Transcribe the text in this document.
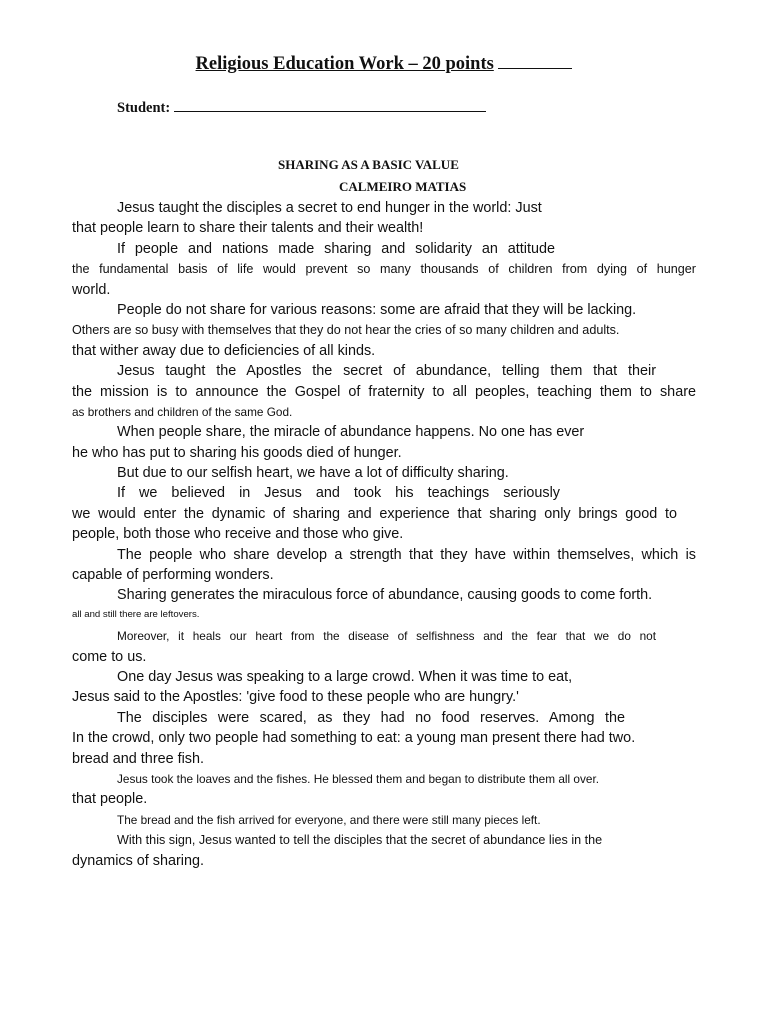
Religious Education Work – 20 points
Student:
SHARING AS A BASIC VALUE
CALMEIRO MATIAS
Jesus taught the disciples a secret to end hunger in the world: Just
that people learn to share their talents and their wealth!
If people and nations made sharing and solidarity an attitude
the fundamental basis of life would prevent so many thousands of children from dying of hunger
world.
People do not share for various reasons: some are afraid that they will be lacking.
Others are so busy with themselves that they do not hear the cries of so many children and adults.
that wither away due to deficiencies of all kinds.
Jesus taught the Apostles the secret of abundance, telling them that their
the mission is to announce the Gospel of fraternity to all peoples, teaching them to share
as brothers and children of the same God.
When people share, the miracle of abundance happens. No one has ever
he who has put to sharing his goods died of hunger.
But due to our selfish heart, we have a lot of difficulty sharing.
If we believed in Jesus and took his teachings seriously
we would enter the dynamic of sharing and experience that sharing only brings good to
people, both those who receive and those who give.
The people who share develop a strength that they have within themselves, which is
capable of performing wonders.
Sharing generates the miraculous force of abundance, causing goods to come forth.
all and still there are leftovers.
Moreover, it heals our heart from the disease of selfishness and the fear that we do not
come to us.
One day Jesus was speaking to a large crowd. When it was time to eat,
Jesus said to the Apostles: 'give food to these people who are hungry.'
The disciples were scared, as they had no food reserves. Among the
In the crowd, only two people had something to eat: a young man present there had two.
bread and three fish.
Jesus took the loaves and the fishes. He blessed them and began to distribute them all over.
that people.
The bread and the fish arrived for everyone, and there were still many pieces left.
With this sign, Jesus wanted to tell the disciples that the secret of abundance lies in the
dynamics of sharing.
